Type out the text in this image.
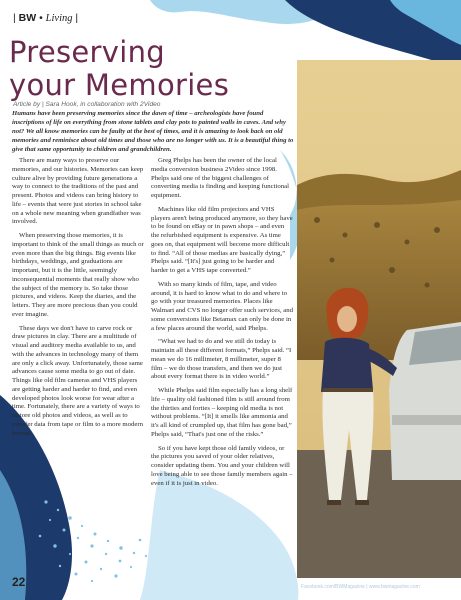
| BW • Living |
Preserving
your Memories
Article by | Sara Hook, in collaboration with 2Video

Humans have been preserving memories since the dawn of time – archeologists have found inscriptions of life on everything from stone tablets and clay pots to painted walls in caves. And why not? We all know memories can be faulty at the best of times, and it is amazing to look back on old memories and reminisce about old times and those who are no longer with us. It is a beautiful thing to give that same opportunity to children and grandchildren.

There are many ways to preserve our memories, and our histories. Memories can keep culture alive by providing future generations a way to connect to the traditions of the past and present. Photos and videos can bring history to life – events that were just stories in school take on a whole new meaning when grandfather was involved.

When preserving those memories, it is important to think of the small things as much or even more than the big things. Big events like birthdays, weddings, and graduations are important, but it is the little, seemingly inconsequential moments that really show who the subject of the memory is. So take those pictures, and videos. Keep the diaries, and the letters. They are more precious than you could ever imagine.

These days we don't have to carve rock or draw pictures in clay. There are a multitude of visual and auditory media available to us, and with the advances in technology many of them are only a click away. Unfortunately, those same advances cause some media to go out of date. Things like old film cameras and VHS players are getting harder and harder to find, and even developed photos look worse for wear after a time. Fortunately, there are a variety of ways to restore old photos and videos, as well as to transfer data from tape or film to a more modern format.

Greg Phelps has been the owner of the local media conversion business 2Video since 1998. Phelps said one of the biggest challenges of converting media is finding and keeping functional equipment.

Machines like old film projectors and VHS players aren't being produced anymore, so they have to be found on eBay or in pawn shops – and even the refurbished equipment is expensive. As time goes on, that equipment will become more difficult to find. “All of those medias are basically dying,” Phelps said. “[It's] just going to be harder and harder to get a VHS tape converted.”

With so many kinds of film, tape, and video around, it is hard to know what to do and where to go with your treasured memories. Places like Walmart and CVS no longer offer such services, and some conversions like Betamax can only be done in a few places around the world, said Phelps.

“What we had to do and we still do today is maintain all these different formats,” Phelps said. “I mean we do 16 millimeter, 8 millimeter, super 8 film – we do those transfers, and then we do just about every format there is in video world.”

While Phelps said film especially has a long shelf life – quality old fashioned film is still around from the thirties and forties – keeping old media is not without problems. “[It] it smells like ammonia and it's all kind of crumpled up, that film has gone bad,” Phelps said, “That's just one of the risks.”

So if you have kept those old family videos, or the pictures you saved of your older relatives, consider updating them. You and your children will love being able to see those family members again – even if it is just in video.

22	Facebook.com/BWMagazine | www.bwmagazine.com
